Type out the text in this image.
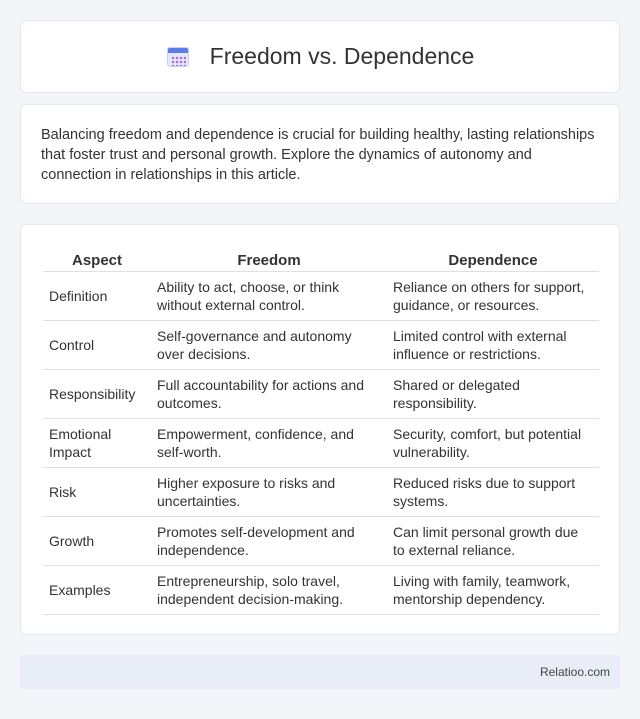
Freedom vs. Dependence

Balancing freedom and dependence is crucial for building healthy, lasting relationships that foster trust and personal growth. Explore the dynamics of autonomy and connection in relationships in this article.

Aspect	Freedom	Dependence
Definition	Ability to act, choose, or think without external control.	Reliance on others for support, guidance, or resources.
Control	Self-governance and autonomy over decisions.	Limited control with external influence or restrictions.
Responsibility	Full accountability for actions and outcomes.	Shared or delegated responsibility.
Emotional Impact	Empowerment, confidence, and self-worth.	Security, comfort, but potential vulnerability.
Risk	Higher exposure to risks and uncertainties.	Reduced risks due to support systems.
Growth	Promotes self-development and independence.	Can limit personal growth due to external reliance.
Examples	Entrepreneurship, solo travel, independent decision-making.	Living with family, teamwork, mentorship dependency.
Relatioo.com
